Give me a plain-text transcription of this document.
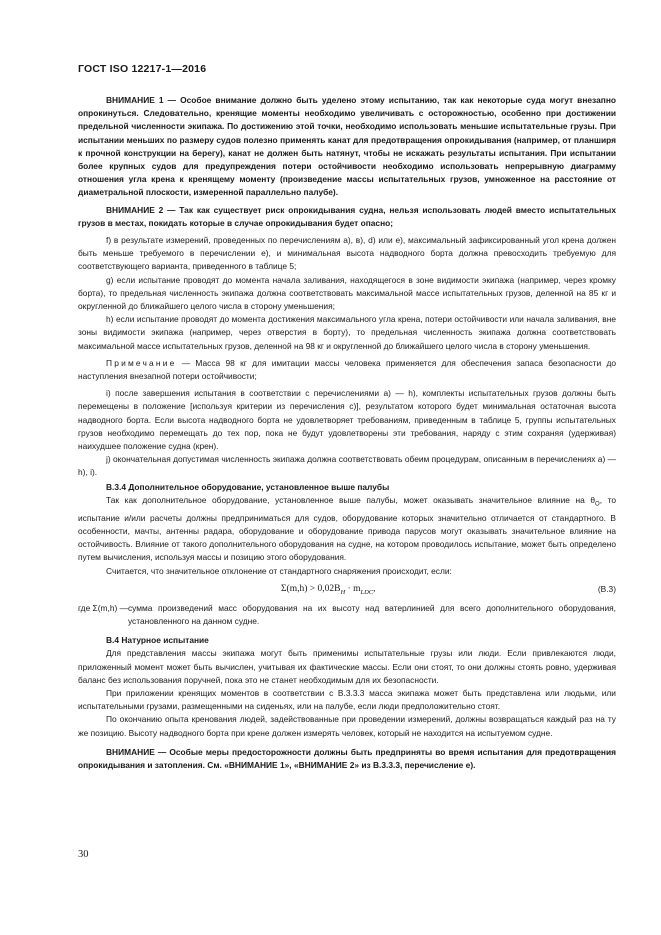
ГОСТ ISO 12217-1—2016

ВНИМАНИЕ 1 — Особое внимание должно быть уделено этому испытанию, так как некоторые суда могут внезапно опрокинуться. Следовательно, кренящие моменты необходимо увеличивать с осторожностью, особенно при достижении предельной численности экипажа. По достижению этой точки, необходимо использовать меньшие испытательные грузы. При испытании меньших по размеру судов полезно применять канат для предотвращения опрокидывания (например, от планширя к прочной конструкции на берегу), канат не должен быть натянут, чтобы не искажать результаты испытания. При испытании более крупных судов для предупреждения потери остойчивости необходимо использовать непрерывную диаграмму отношения угла крена к кренящему моменту (произведение массы испытательных грузов, умноженное на расстояние от диаметральной плоскости, измеренной параллельно палубе).

ВНИМАНИЕ 2 — Так как существует риск опрокидывания судна, нельзя использовать людей вместо испытательных грузов в местах, покидать которые в случае опрокидывания будет опасно;

f) в результате измерений, проведенных по перечислениям а), в), d) или е), максимальный зафиксированный угол крена должен быть меньше требуемого в перечислении е), и минимальная высота надводного борта должна превосходить требуемую для соответствующего варианта, приведенного в таблице 5;

g) если испытание проводят до момента начала заливания, находящегося в зоне видимости экипажа (например, через кромку борта), то предельная численность экипажа должна соответствовать максимальной массе испытательных грузов, деленной на 85 кг и округленной до ближайшего целого числа в сторону уменьшения;

h) если испытание проводят до момента достижения максимального угла крена, потери остойчивости или начала заливания, вне зоны видимости экипажа (например, через отверстия в борту), то предельная численность экипажа должна соответствовать максимальной массе испытательных грузов, деленной на 98 кг и округленной до ближайшего целого числа в сторону уменьшения.

Примечание — Масса 98 кг для имитации массы человека применяется для обеспечения запаса безопасности до наступления внезапной потери остойчивости;

i) после завершения испытания в соответствии с перечислениями а) — h), комплекты испытательных грузов должны быть перемещены в положение [используя критерии из перечисления с)], результатом которого будет минимальная остаточная высота надводного борта. Если высота надводного борта не удовлетворяет требованиям, приведенным в таблице 5, группы испытательных грузов необходимо перемещать до тех пор, пока не будут удовлетворены эти требования, наряду с этим сохраняя (удерживая) наихудшее положение судна (крен).

j) окончательная допустимая численность экипажа должна соответствовать обеим процедурам, описанным в перечислениях а) — h), i).

В.3.4 Дополнительное оборудование, установленное выше палубы

Так как дополнительное оборудование, установленное выше палубы, может оказывать значительное влияние на $\theta_О$, то испытание и/или расчеты должны предприниматься для судов, оборудование которых значительно отличается от стандартного. В особенности, мачты, антенны радара, оборудование и оборудование привода парусов могут оказывать значительное влияние на остойчивость. Влияние от такого дополнительного оборудования на судне, на котором проводилось испытание, может быть определено путем вычисления, используя массы и позицию этого оборудования.

Считается, что значительное отклонение от стандартного снаряжения происходит, если:

$\Sigma(m,h) > 0,02B_H \cdot m_{LDC}$,	(В.3)
где Σ(m,h) — сумма произведений масс оборудования на их высоту над ватерлинией для всего дополнительного оборудования, установленного на данном судне.

В.4 Натурное испытание

Для представления массы экипажа могут быть применимы испытательные грузы или люди. Если привлекаются люди, приложенный момент может быть вычислен, учитывая их фактические массы. Если они стоят, то они должны стоять ровно, удерживая баланс без использования поручней, пока это не станет необходимым для их безопасности.

При приложении кренящих моментов в соответствии с В.3.3.3 масса экипажа может быть представлена или людьми, или испытательными грузами, размещенными на сиденьях, или на палубе, если люди предположительно стоят.

По окончанию опыта кренования людей, задействованные при проведении измерений, должны возвращаться каждый раз на ту же позицию. Высоту надводного борта при крене должен измерять человек, который не находится на испытуемом судне.

ВНИМАНИЕ — Особые меры предосторожности должны быть предприняты во время испытания для предотвращения опрокидывания и затопления. См. «ВНИМАНИЕ 1», «ВНИМАНИЕ 2» из В.3.3.3, перечисление е).

30
